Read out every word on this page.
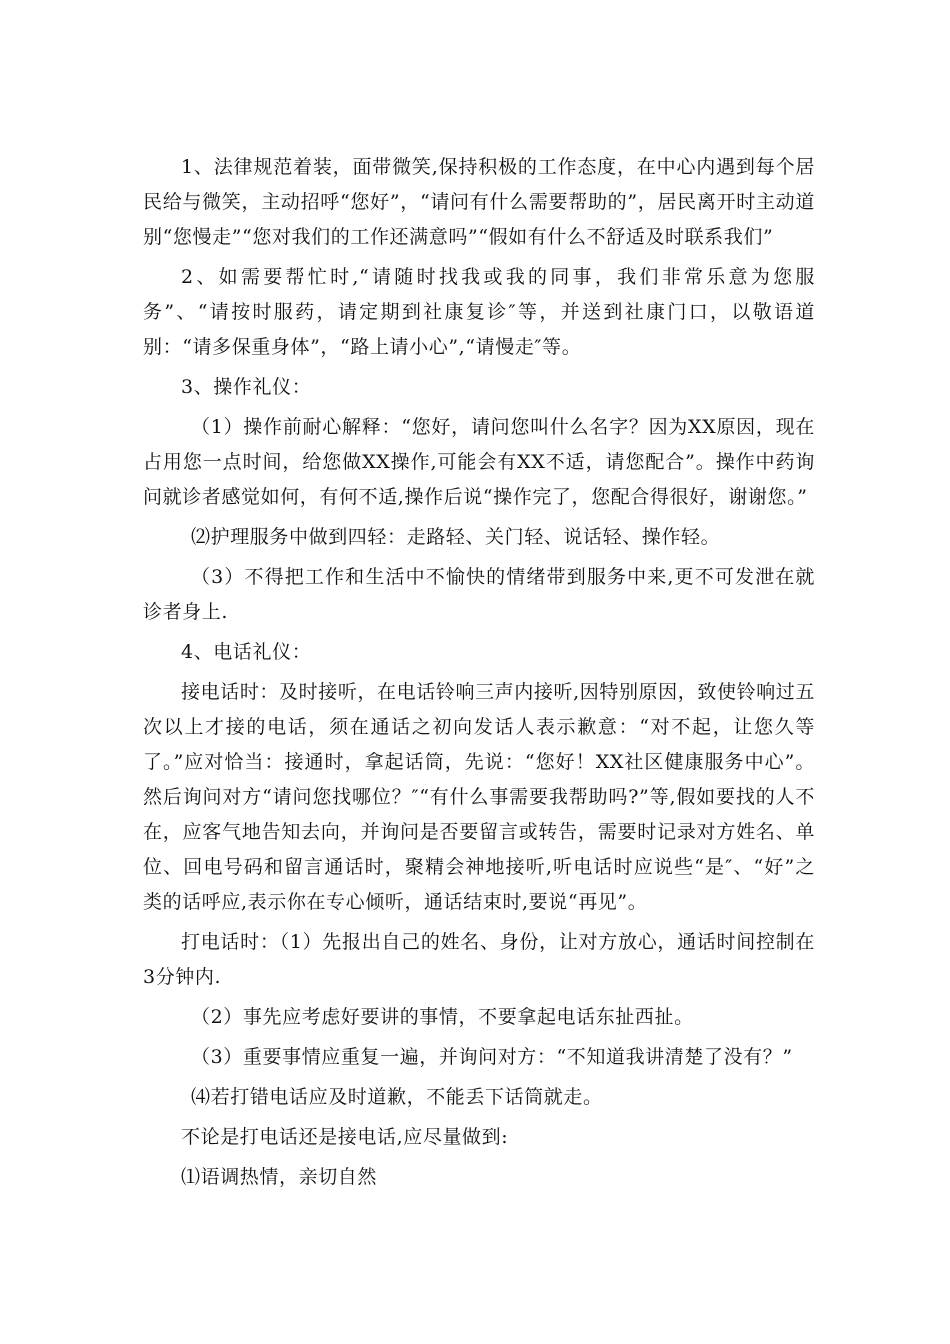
1、法律规范着装，面带微笑,保持积极的工作态度，在中心内遇到每个居民给与微笑，主动招呼“您好”，“请问有什么需要帮助的”，居民离开时主动道别“您慢走”“您对我们的工作还满意吗”“假如有什么不舒适及时联系我们”

2、如需要帮忙时,“请随时找我或我的同事，我们非常乐意为您服务”、“请按时服药，请定期到社康复诊″等，并送到社康门口，以敬语道别：“请多保重身体”，“路上请小心”,“请慢走″等。

3、操作礼仪：

（1）操作前耐心解释：“您好，请问您叫什么名字？因为XX原因，现在占用您一点时间，给您做XX操作,可能会有XX不适，请您配合”。操作中药询问就诊者感觉如何，有何不适,操作后说“操作完了，您配合得很好，谢谢您。”

⑵护理服务中做到四轻：走路轻、关门轻、说话轻、操作轻。

（3）不得把工作和生活中不愉快的情绪带到服务中来,更不可发泄在就诊者身上.

4、电话礼仪：

接电话时：及时接听，在电话铃响三声内接听,因特别原因，致使铃响过五次以上才接的电话，须在通话之初向发话人表示歉意：“对不起，让您久等了。”应对恰当：接通时，拿起话筒，先说：“您好！XX社区健康服务中心”。然后询问对方“请问您找哪位？″“有什么事需要我帮助吗?”等,假如要找的人不在，应客气地告知去向，并询问是否要留言或转告，需要时记录对方姓名、单位、回电号码和留言通话时，聚精会神地接听,听电话时应说些“是″、“好”之类的话呼应,表示你在专心倾听，通话结束时,要说“再见”。

打电话时：（1）先报出自己的姓名、身份，让对方放心，通话时间控制在3分钟内.

（2）事先应考虑好要讲的事情，不要拿起电话东扯西扯。

（3）重要事情应重复一遍，并询问对方：“不知道我讲清楚了没有？”

⑷若打错电话应及时道歉，不能丢下话筒就走。

不论是打电话还是接电话,应尽量做到:

⑴语调热情，亲切自然
